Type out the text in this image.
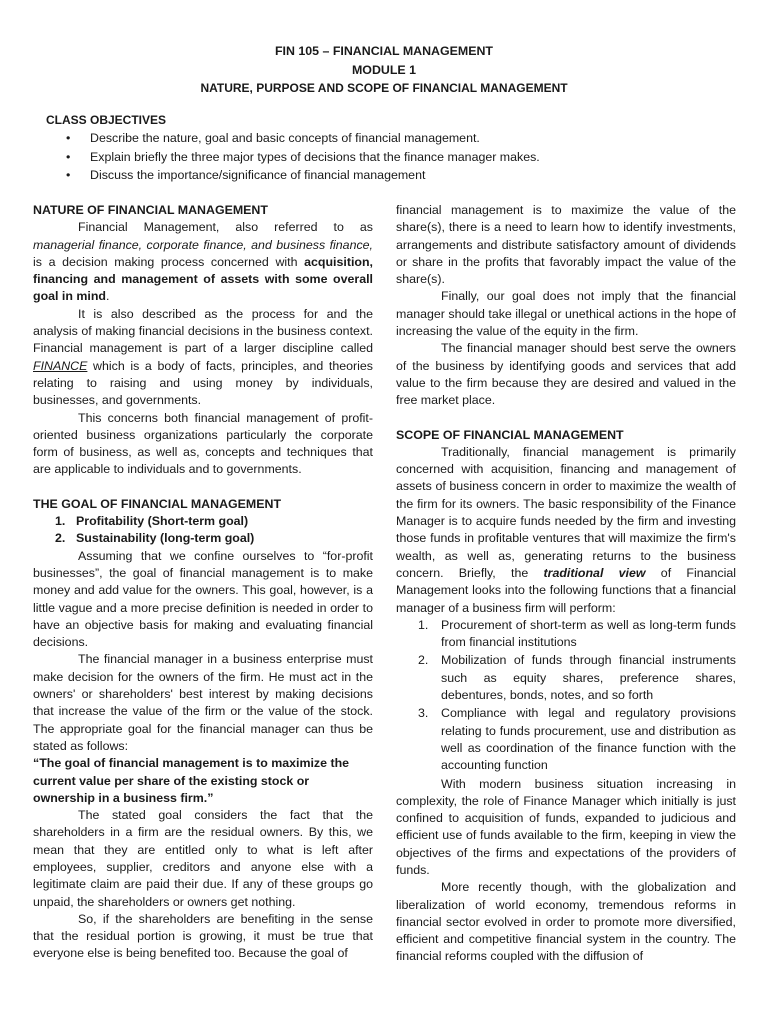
FIN 105 – FINANCIAL MANAGEMENT
MODULE 1
NATURE, PURPOSE AND SCOPE OF FINANCIAL MANAGEMENT
CLASS OBJECTIVES
• Describe the nature, goal and basic concepts of financial management.
• Explain briefly the three major types of decisions that the finance manager makes.
• Discuss the importance/significance of financial management
NATURE OF FINANCIAL MANAGEMENT

Financial Management, also referred to as managerial finance, corporate finance, and business finance, is a decision making process concerned with acquisition, financing and management of assets with some overall goal in mind.

It is also described as the process for and the analysis of making financial decisions in the business context. Financial management is part of a larger discipline called FINANCE which is a body of facts, principles, and theories relating to raising and using money by individuals, businesses, and governments.

This concerns both financial management of profit-oriented business organizations particularly the corporate form of business, as well as, concepts and techniques that are applicable to individuals and to governments.

THE GOAL OF FINANCIAL MANAGEMENT
1. Profitability (Short-term goal)
2. Sustainability (long-term goal)

Assuming that we confine ourselves to “for-profit businesses”, the goal of financial management is to make money and add value for the owners. This goal, however, is a little vague and a more precise definition is needed in order to have an objective basis for making and evaluating financial decisions.

The financial manager in a business enterprise must make decision for the owners of the firm. He must act in the owners' or shareholders' best interest by making decisions that increase the value of the firm or the value of the stock. The appropriate goal for the financial manager can thus be stated as follows:

“The goal of financial management is to maximize the current value per share of the existing stock or ownership in a business firm.”

The stated goal considers the fact that the shareholders in a firm are the residual owners. By this, we mean that they are entitled only to what is left after employees, supplier, creditors and anyone else with a legitimate claim are paid their due. If any of these groups go unpaid, the shareholders or owners get nothing.

So, if the shareholders are benefiting in the sense that the residual portion is growing, it must be true that everyone else is being benefited too. Because the goal of

financial management is to maximize the value of the share(s), there is a need to learn how to identify investments, arrangements and distribute satisfactory amount of dividends or share in the profits that favorably impact the value of the share(s).

Finally, our goal does not imply that the financial manager should take illegal or unethical actions in the hope of increasing the value of the equity in the firm.

The financial manager should best serve the owners of the business by identifying goods and services that add value to the firm because they are desired and valued in the free market place.

SCOPE OF FINANCIAL MANAGEMENT

Traditionally, financial management is primarily concerned with acquisition, financing and management of assets of business concern in order to maximize the wealth of the firm for its owners. The basic responsibility of the Finance Manager is to acquire funds needed by the firm and investing those funds in profitable ventures that will maximize the firm's wealth, as well as, generating returns to the business concern. Briefly, the traditional view of Financial Management looks into the following functions that a financial manager of a business firm will perform:

1. Procurement of short-term as well as long-term funds from financial institutions
2. Mobilization of funds through financial instruments such as equity shares, preference shares, debentures, bonds, notes, and so forth
3. Compliance with legal and regulatory provisions relating to funds procurement, use and distribution as well as coordination of the finance function with the accounting function

With modern business situation increasing in complexity, the role of Finance Manager which initially is just confined to acquisition of funds, expanded to judicious and efficient use of funds available to the firm, keeping in view the objectives of the firms and expectations of the providers of funds.

More recently though, with the globalization and liberalization of world economy, tremendous reforms in financial sector evolved in order to promote more diversified, efficient and competitive financial system in the country. The financial reforms coupled with the diffusion of
